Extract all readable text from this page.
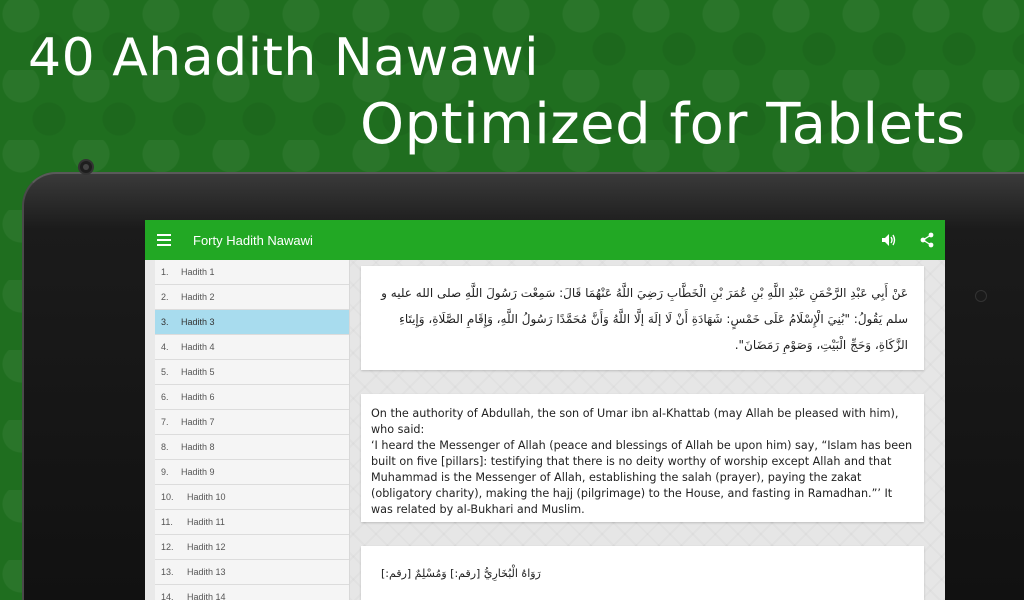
40 Ahadith Nawawi
Optimized for Tablets
Forty Hadith Nawawi
1.	Hadith 1
2.	Hadith 2
3.	Hadith 3
4.	Hadith 4
5.	Hadith 5
6.	Hadith 6
7.	Hadith 7
8.	Hadith 8
9.	Hadith 9
10.	Hadith 10
11.	Hadith 11
12.	Hadith 12
13.	Hadith 13
14.	Hadith 14
عَنْ أَبِي عَبْدِ الرَّحْمَنِ عَبْدِ اللَّهِ بْنِ عُمَرَ بْنِ الْخَطَّابِ رَضِيَ اللَّهُ عَنْهُمَا قَالَ: سَمِعْت رَسُولَ اللَّهِ صلى الله عليه و سلم يَقُولُ: "بُنِيَ الْإِسْلَامُ عَلَى خَمْسٍ: شَهَادَةِ أَنْ لَا إلَهَ إلَّا اللَّهُ وَأَنَّ مُحَمَّدًا رَسُولُ اللَّهِ، وَإِقَامِ الصَّلَاةِ، وَإِيتَاءِ الزَّكَاةِ، وَحَجِّ الْبَيْتِ، وَصَوْمِ رَمَضَانَ".
On the authority of Abdullah, the son of Umar ibn al-Khattab (may Allah be pleased with him), who said:
‘I heard the Messenger of Allah (peace and blessings of Allah be upon him) say, “Islam has been built on five [pillars]: testifying that there is no deity worthy of worship except Allah and that Muhammad is the Messenger of Allah, establishing the salah (prayer), paying the zakat (obligatory charity), making the hajj (pilgrimage) to the House, and fasting in Ramadhan.”’ It was related by al-Bukhari and Muslim.
رَوَاهُ الْبُخَارِيُّ [رقم:] وَمُسْلِمٌ [رقم:]
